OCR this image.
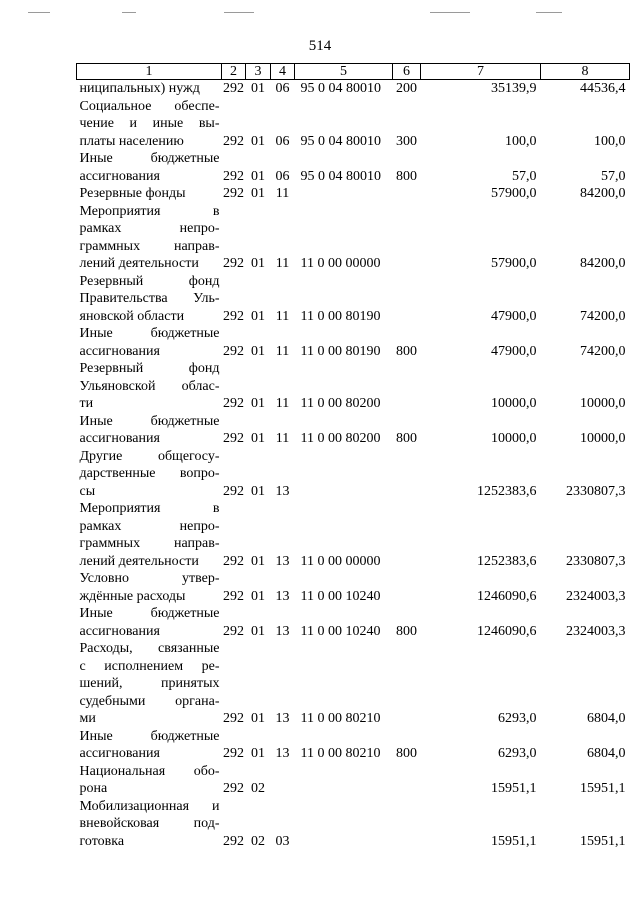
514
1	2	3	4	5	6	7	8

ниципальных) нужд	292	01	06	95 0 04 80010	200	35139,9	44536,4

Социальное обеспе-
чение и иные вы-
платы населению	292	01	06	95 0 04 80010	300	100,0	100,0

Иные бюджетные
ассигнования	292	01	06	95 0 04 80010	800	57,0	57,0

Резервные фонды	292	01	11			57900,0	84200,0

Мероприятия в
рамках непро-
граммных направ-
лений деятельности	292	01	11	11 0 00 00000		57900,0	84200,0

Резервный фонд
Правительства Уль-
яновской области	292	01	11	11 0 00 80190		47900,0	74200,0

Иные бюджетные
ассигнования	292	01	11	11 0 00 80190	800	47900,0	74200,0

Резервный фонд
Ульяновской облас-
ти	292	01	11	11 0 00 80200		10000,0	10000,0

Иные бюджетные
ассигнования	292	01	11	11 0 00 80200	800	10000,0	10000,0

Другие общегосу-
дарственные вопро-
сы	292	01	13			1252383,6	2330807,3

Мероприятия в
рамках непро-
граммных направ-
лений деятельности	292	01	13	11 0 00 00000		1252383,6	2330807,3

Условно утвер-
ждённые расходы	292	01	13	11 0 00 10240		1246090,6	2324003,3

Иные бюджетные
ассигнования	292	01	13	11 0 00 10240	800	1246090,6	2324003,3

Расходы, связанные
с исполнением ре-
шений, принятых
судебными органа-
ми	292	01	13	11 0 00 80210		6293,0	6804,0

Иные бюджетные
ассигнования	292	01	13	11 0 00 80210	800	6293,0	6804,0

Национальная обо-
рона	292	02				15951,1	15951,1

Мобилизационная и
вневойсковая под-
готовка	292	02	03			15951,1	15951,1
